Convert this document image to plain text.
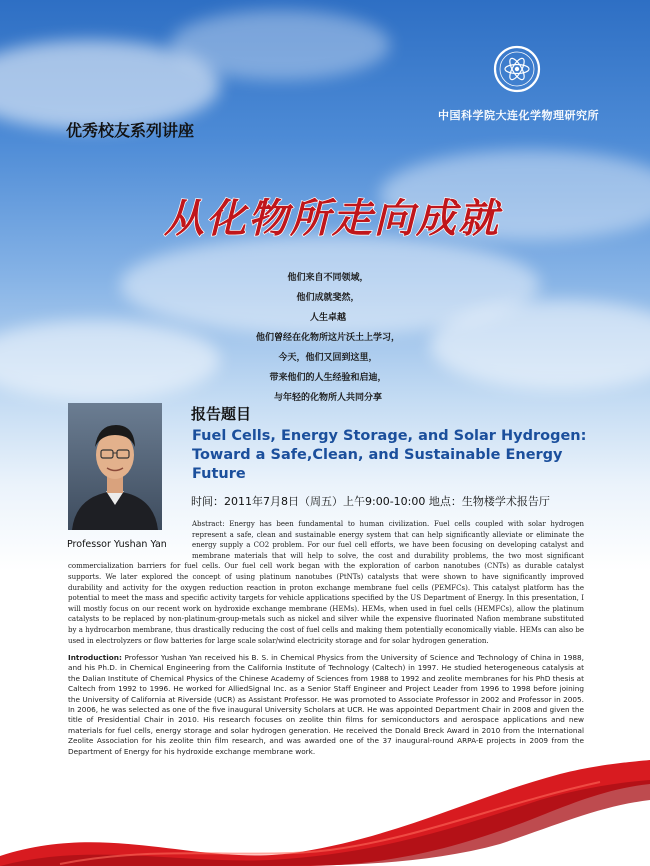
中国科学院大连化学物理研究所
优秀校友系列讲座
从化物所走向成就
他们来自不同领域，
他们成就斐然，
人生卓越
他们曾经在化物所这片沃土上学习，
今天，他们又回到这里，
带来他们的人生经验和启迪，
与年轻的化物所人共同分享
Professor Yushan Yan
报告题目
Fuel Cells, Energy Storage, and Solar Hydrogen: Toward a Safe,Clean, and Sustainable Energy Future
时间：2011年7月8日（周五）上午9:00-10:00 地点：生物楼学术报告厅

Abstract: Energy has been fundamental to human civilization. Fuel cells coupled with solar hydrogen represent a safe, clean and sustainable energy system that can help significantly alleviate or eliminate the energy supply a CO2 problem. For our fuel cell efforts, we have been focusing on developing catalyst and membrane materials that will help to solve, the cost and durability problems, the two most significant commercialization barriers for fuel cells. Our fuel cell work began with the exploration of carbon nanotubes (CNTs) as durable catalyst supports. We later explored the concept of using platinum nanotubes (PtNTs) catalysts that were shown to have significantly improved durability and activity for the oxygen reduction reaction in proton exchange membrane fuel cells (PEMFCs). This catalyst platform has the potential to meet the mass and specific activity targets for vehicle applications specified by the US Department of Energy. In this presentation, I will mostly focus on our recent work on hydroxide exchange membrane (HEMs). HEMs, when used in fuel cells (HEMFCs), allow the platinum catalysts to be replaced by non-platinum-group-metals such as nickel and silver while the expensive fluorinated Nafion membrane substituted by a hydrocarbon membrane, thus drastically reducing the cost of fuel cells and making them potentially economically viable. HEMs can also be used in electrolyzers or flow batteries for large scale solar/wind electricity storage and for solar hydrogen generation.

Introduction: Professor Yushan Yan received his B. S. in Chemical Physics from the University of Science and Technology of China in 1988, and his Ph.D. in Chemical Engineering from the California Institute of Technology (Caltech) in 1997. He studied heterogeneous catalysis at the Dalian Institute of Chemical Physics of the Chinese Academy of Sciences from 1988 to 1992 and zeolite membranes for his PhD thesis at Caltech from 1992 to 1996. He worked for AlliedSignal Inc. as a Senior Staff Engineer and Project Leader from 1996 to 1998 before joining the University of California at Riverside (UCR) as Assistant Professor. He was promoted to Associate Professor in 2002 and Professor in 2005. In 2006, he was selected as one of the five inaugural University Scholars at UCR. He was appointed Department Chair in 2008 and given the title of Presidential Chair in 2010. His research focuses on zeolite thin films for semiconductors and aerospace applications and new materials for fuel cells, energy storage and solar hydrogen generation. He received the Donald Breck Award in 2010 from the International Zeolite Association for his zeolite thin film research, and was awarded one of the 37 inaugural-round ARPA-E projects in 2009 from the Department of Energy for his hydroxide exchange membrane work.
